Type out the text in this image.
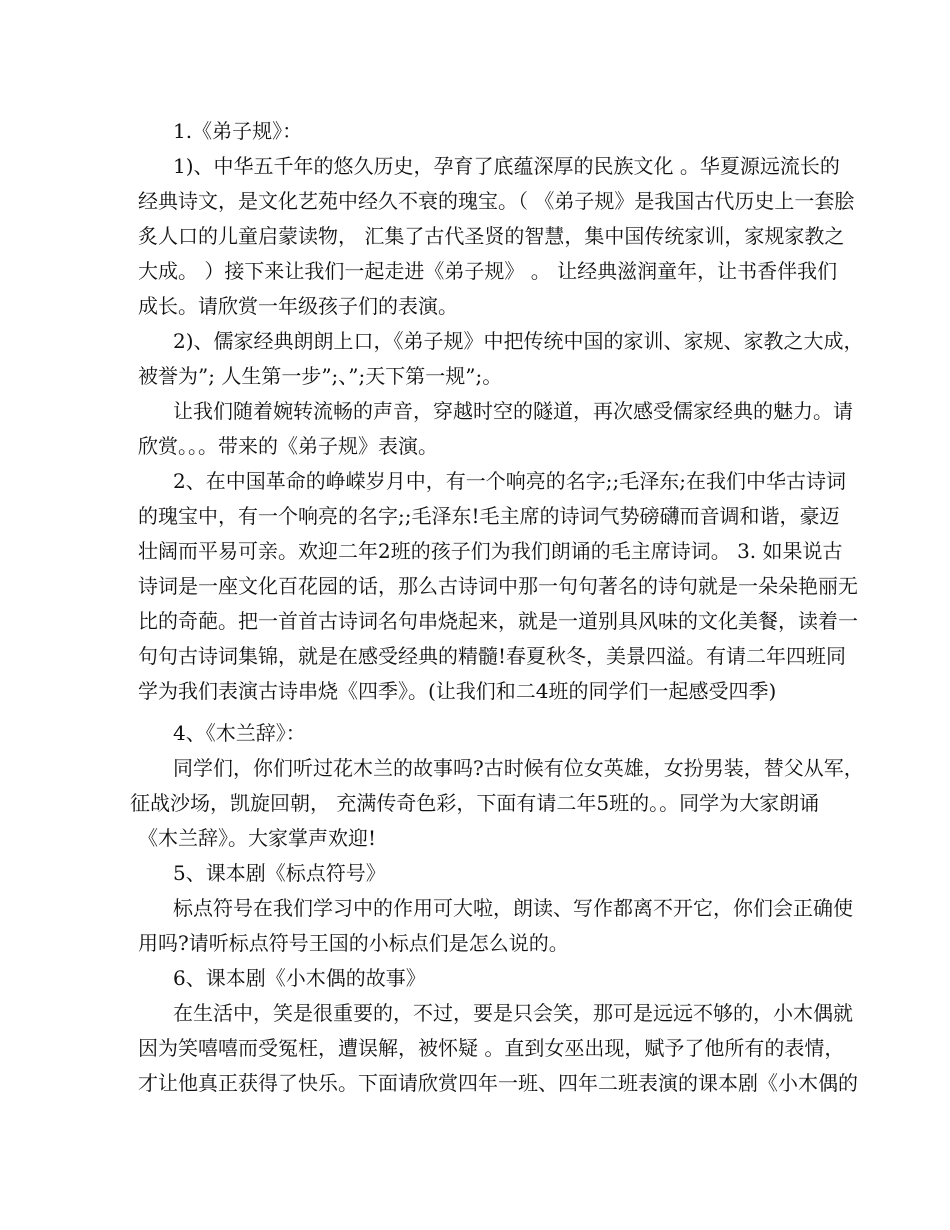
1.《弟子规》：
1)、中华五千年的悠久历史，孕育了底蕴深厚的民族文化 。华夏源远流长的
经典诗文，是文化艺苑中经久不衰的瑰宝。（ 《弟子规》是我国古代历史上一套脍
炙人口的儿童启蒙读物， 汇集了古代圣贤的智慧，集中国传统家训，家规家教之
大成。 ）接下来让我们一起走进《弟子规》 。 让经典滋润童年，让书香伴我们
成长。请欣赏一年级孩子们的表演。
2)、儒家经典朗朗上口，《弟子规》中把传统中国的家训、家规、家教之大成，
被誉为”; 人生第一步”;、”;天下第一规”;。
让我们随着婉转流畅的声音，穿越时空的隧道，再次感受儒家经典的魅力。请
欣赏。。。带来的《弟子规》表演。
2、在中国革命的峥嵘岁月中，有一个响亮的名字;;毛泽东;在我们中华古诗词
的瑰宝中，有一个响亮的名字;;毛泽东!毛主席的诗词气势磅礴而音调和谐，豪迈
壮阔而平易可亲。欢迎二年2班的孩子们为我们朗诵的毛主席诗词。 3. 如果说古
诗词是一座文化百花园的话，那么古诗词中那一句句著名的诗句就是一朵朵艳丽无
比的奇葩。把一首首古诗词名句串烧起来，就是一道别具风味的文化美餐，读着一
句句古诗词集锦，就是在感受经典的精髓!春夏秋冬，美景四溢。有请二年四班同
学为我们表演古诗串烧《四季》。(让我们和二4班的同学们一起感受四季)
4、《木兰辞》：
同学们，你们听过花木兰的故事吗?古时候有位女英雄，女扮男装，替父从军，
征战沙场，凯旋回朝， 充满传奇色彩，下面有请二年5班的。。同学为大家朗诵
《木兰辞》。大家掌声欢迎!
5、课本剧《标点符号》
标点符号在我们学习中的作用可大啦，朗读、写作都离不开它，你们会正确使
用吗?请听标点符号王国的小标点们是怎么说的。
6、课本剧《小木偶的故事》
在生活中，笑是很重要的，不过，要是只会笑，那可是远远不够的，小木偶就
因为笑嘻嘻而受冤枉，遭误解，被怀疑 。直到女巫出现，赋予了他所有的表情，
才让他真正获得了快乐。下面请欣赏四年一班、四年二班表演的课本剧《小木偶的
